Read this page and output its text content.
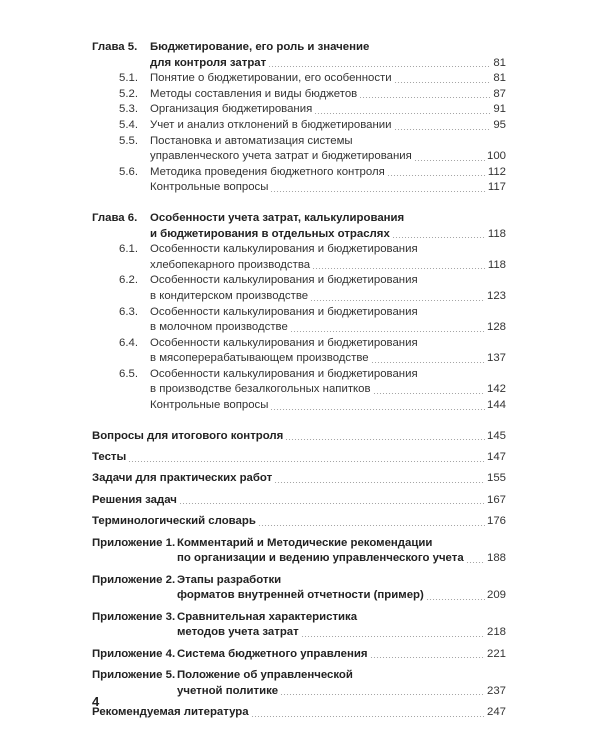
Глава 5.	Бюджетирование, его роль и значение
для контроля затрат	81
5.1.	Понятие о бюджетировании, его особенности	81
5.2.	Методы составления и виды бюджетов	87
5.3.	Организация бюджетирования	91
5.4.	Учет и анализ отклонений в бюджетировании	95
5.5.	Постановка и автоматизация системы
управленческого учета затрат и бюджетирования	100
5.6.	Методика проведения бюджетного контроля	112
Контрольные вопросы	117
Глава 6.	Особенности учета затрат, калькулирования
и бюджетирования в отдельных отраслях	118
6.1.	Особенности калькулирования и бюджетирования
хлебопекарного производства	118
6.2.	Особенности калькулирования и бюджетирования
в кондитерском производстве	123
6.3.	Особенности калькулирования и бюджетирования
в молочном производстве	128
6.4.	Особенности калькулирования и бюджетирования
в мясоперерабатывающем производстве	137
6.5.	Особенности калькулирования и бюджетирования
в производстве безалкогольных напитков	142
Контрольные вопросы	144
Вопросы для итогового контроля	145
Тесты	147
Задачи для практических работ	155
Решения задач	167
Терминологический словарь	176
Приложение 1. Комментарий и Методические рекомендации
по организации и ведению управленческого учета 188
Приложение 2. Этапы разработки
форматов внутренней отчетности (пример)	209
Приложение 3. Сравнительная характеристика
методов учета затрат	218
Приложение 4. Система бюджетного управления	221
Приложение 5. Положение об управленческой
учетной политике	237
Рекомендуемая литература	247
4
